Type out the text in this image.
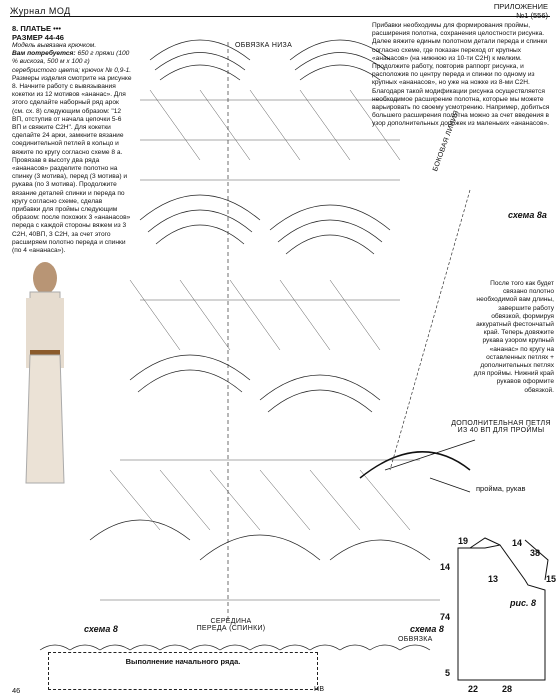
Журнал МОД	ПРИЛОЖЕНИЕ
№1 (556)
8. ПЛАТЬЕ •••
РАЗМЕР 44-46
Модель вывязана крючком.
Вам потребуется: 650 г пряжи (100 % вискоза, 500 м x 100 г) серебристого цвета; крючок № 0,9-1.
Размеры изделия смотрите на рисунке 8. Начните работу с вывязывания кокетки из 12 мотивов «ананас». Для этого сделайте наборный ряд арок (см. сх. 8) следующим образом: "12 ВП, отступив от начала цепочки 5-6 ВП и свяжите С2Н". Для кокетки сделайте 24 арки, замкните вязание соединительной петлей в кольцо и вяжите по кругу согласно схеме 8 а. Провязав в высоту два ряда «ананасов» разделите полотно на спинку (3 мотива), перед (3 мотива) и рукава (по 3 мотива). Продолжите вязание деталей спинки и переда по кругу согласно схеме, сделав прибавки для проймы следующим образом: после похожих 3 «ананасов» переда с каждой стороны вяжем из 3 С2Н, 40ВП, 3 С2Н, за счет этого расширяем полотно переда и спинки (по 4 «ананаса»).
Прибавки необходимы для формирования проймы, расширения полотна, сохранения целостности рисунка. Далее вяжите единым полотном детали переда и спинки согласно схеме, где показан переход от крупных «ананасов» (на нижнюю из 10-ти С2Н) к мелким. Продолжите работу, повторив раппорт рисунка, и расположив по центру переда и спинки по одному из крупных «ананасов», но уже на ножке из 8-ми С2Н. Благодаря такой модификации рисунка осуществляется необходимое расширение полотна, которые мы можете варьировать по своему усмотрению. Например, добиться большего расширения полотна можно за счет введения в узор дополнительных дорожек из маленьких «ананасов».
После того как будет связано полотно необходимой вам длины, завершите работу обвязкой, формируя аккуратный фестончатый край. Теперь довяжите рукава узором крупный «ананас» по кругу на оставленных петлях + дополнительных петлях для проймы. Нижний край рукавов оформите обвязкой.
ОБВЯЗКА НИЗА
БОКОВАЯ ЛИНИЯ
схема 8а
ДОПОЛНИТЕЛЬНАЯ ПЕТЛЯ ИЗ 40 ВП ДЛЯ ПРОЙМЫ
пройма, рукав
СЕРЕДИНА ПЕРЕДА (СПИНКИ)
схема 8	схема 8
ОБВЯЗКА
НВ
Выполнение начального ряда.
19
14
14
38
13	15
74
рис. 8
5
22	28
46
